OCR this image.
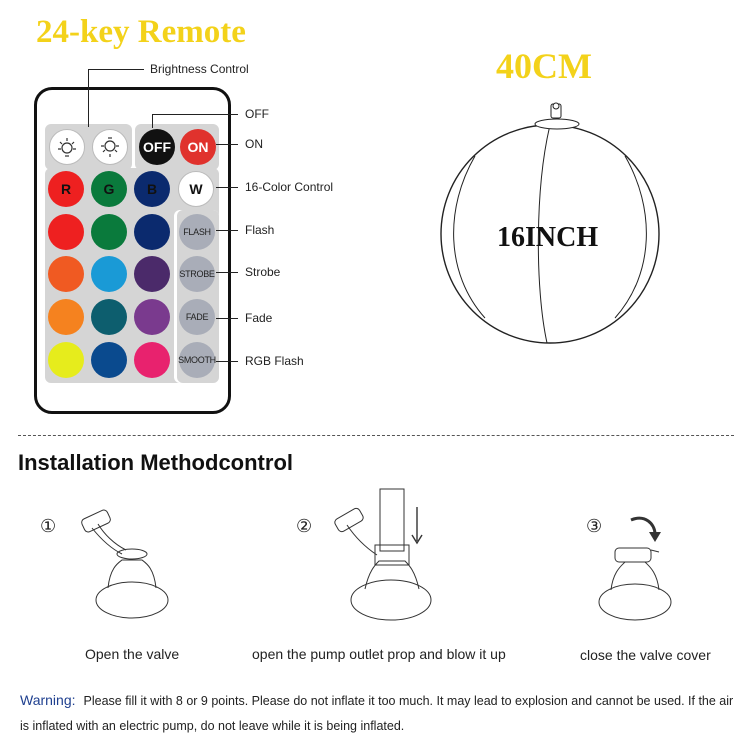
24-key Remote
40CM
OFF	ON
R	G	B	W
FLASH
STROBE
FADE
SMOOTH
Brightness Control
OFF
ON
16-Color Control
Flash
Strobe
Fade
RGB Flash
16INCH
Installation Methodcontrol
①
Open the valve
②
open the pump outlet prop and blow it up
③
close the valve cover
Warning: Please fill it with 8 or 9 points. Please do not inflate it too much. It may lead to explosion and cannot be used. If the air is inflated with an electric pump, do not leave while it is being inflated.
